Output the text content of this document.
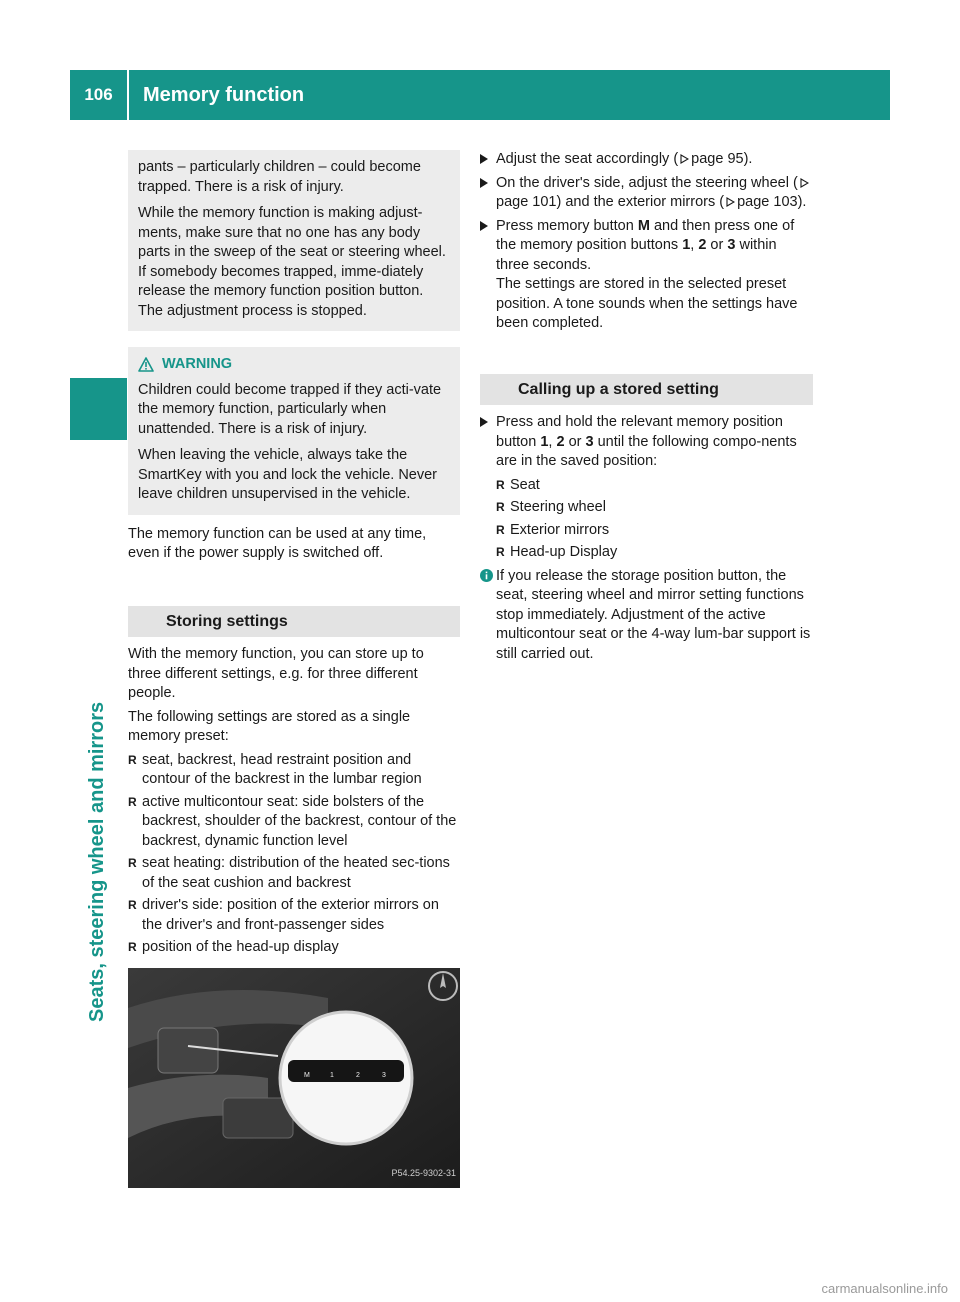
106	Memory function
Seats, steering wheel and mirrors

pants – particularly children – could become trapped. There is a risk of injury.

While the memory function is making adjust-ments, make sure that no one has any body parts in the sweep of the seat or steering wheel. If somebody becomes trapped, imme-diately release the memory function position button. The adjustment process is stopped.

WARNING

Children could become trapped if they acti-vate the memory function, particularly when unattended. There is a risk of injury.

When leaving the vehicle, always take the SmartKey with you and lock the vehicle. Never leave children unsupervised in the vehicle.

The memory function can be used at any time, even if the power supply is switched off.

Storing settings

With the memory function, you can store up to three different settings, e.g. for three different people.

The following settings are stored as a single memory preset:

R seat, backrest, head restraint position and contour of the backrest in the lumbar region
R active multicontour seat: side bolsters of the backrest, shoulder of the backrest, contour of the backrest, dynamic function level
R seat heating: distribution of the heated sec-tions of the seat cushion and backrest
R driver's side: position of the exterior mirrors on the driver's and front-passenger sides
R position of the head-up display
M	1	2	3
P54.25-9302-31
Adjust the seat accordingly ( page 95).
On the driver's side, adjust the steering wheel (page 101) and the exterior mirrors ( page 103).
Press memory button M and then press one of the memory position buttons 1, 2 or 3 within three seconds.
The settings are stored in the selected preset position. A tone sounds when the settings have been completed.
Calling up a stored setting
Press and hold the relevant memory position button 1, 2 or 3 until the following compo-nents are in the saved position:
R Seat
R Steering wheel
R Exterior mirrors
R Head-up Display
If you release the storage position button, the seat, steering wheel and mirror setting functions stop immediately. Adjustment of the active multicontour seat or the 4-way lum-bar support is still carried out.
carmanualsonline.info
